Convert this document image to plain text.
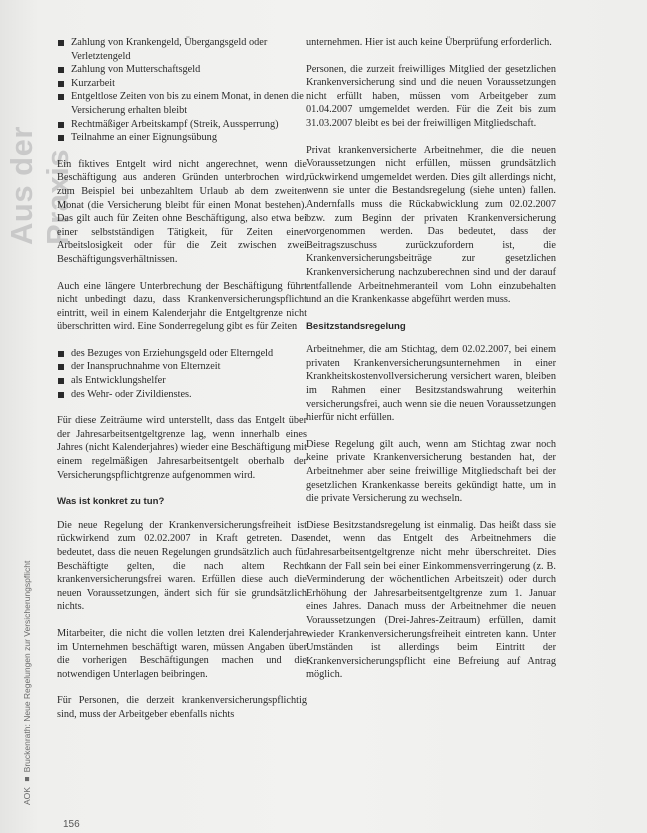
Aus der Praxis
AOK ■ Bruckenrath: Neue Regelungen zur Versicherungspflicht
156
Zahlung von Krankengeld, Übergangsgeld oder Verletztengeld
Zahlung von Mutterschaftsgeld
Kurzarbeit
Entgeltlose Zeiten von bis zu einem Monat, in denen die Versicherung erhalten bleibt
Rechtmäßiger Arbeitskampf (Streik, Aussperrung)
Teilnahme an einer Eignungsübung

Ein fiktives Entgelt wird nicht angerechnet, wenn die Beschäftigung aus anderen Gründen unterbrochen wird, zum Beispiel bei unbezahltem Urlaub ab dem zweiten Monat (die Versicherung bleibt für einen Monat bestehen). Das gilt auch für Zeiten ohne Beschäftigung, also etwa bei einer selbstständigen Tätigkeit, für Zeiten einer Arbeitslosigkeit oder für die Zeit zwischen zwei Beschäftigungsverhältnissen.

Auch eine längere Unterbrechung der Beschäftigung führt nicht unbedingt dazu, dass Krankenversicherungspflicht eintritt, weil in einem Kalenderjahr die Entgeltgrenze nicht überschritten wird. Eine Sonderregelung gibt es für Zeiten

des Bezuges von Erziehungsgeld oder Elterngeld
der Inanspruchnahme von Elternzeit
als Entwicklungshelfer
des Wehr- oder Zivildienstes.

Für diese Zeiträume wird unterstellt, dass das Entgelt über der Jahresarbeitsentgeltgrenze lag, wenn innerhalb eines Jahres (nicht Kalenderjahres) wieder eine Beschäftigung mit einem regelmäßigen Jahresarbeitsentgelt oberhalb der Versicherungspflichtgrenze aufgenommen wird.

Was ist konkret zu tun?

Die neue Regelung der Krankenversicherungsfreiheit ist rückwirkend zum 02.02.2007 in Kraft getreten. Das bedeutet, dass die neuen Regelungen grundsätzlich auch für Beschäftigte gelten, die nach altem Recht krankenversicherungsfrei waren. Erfüllen diese auch die neuen Voraussetzungen, ändert sich für sie grundsätzlich nichts.

Mitarbeiter, die nicht die vollen letzten drei Kalenderjahre im Unternehmen beschäftigt waren, müssen Angaben über die vorherigen Beschäftigungen machen und die notwendigen Unterlagen beibringen.

Für Personen, die derzeit krankenversicherungspflichtig sind, muss der Arbeitgeber ebenfalls nichts

unternehmen. Hier ist auch keine Überprüfung erforderlich.

Personen, die zurzeit freiwilliges Mitglied der gesetzlichen Krankenversicherung sind und die neuen Voraussetzungen nicht erfüllt haben, müssen vom Arbeitgeber zum 01.04.2007 umgemeldet werden. Für die Zeit bis zum 31.03.2007 bleibt es bei der freiwilligen Mitgliedschaft.

Privat krankenversicherte Arbeitnehmer, die die neuen Voraussetzungen nicht erfüllen, müssen grundsätzlich rückwirkend umgemeldet werden. Dies gilt allerdings nicht, wenn sie unter die Bestandsregelung (siehe unten) fallen. Andernfalls muss die Rückabwicklung zum 02.02.2007 bzw. zum Beginn der privaten Krankenversicherung vorgenommen werden. Das bedeutet, dass der Beitragszuschuss zurückzufordern ist, die Krankenversicherungsbeiträge zur gesetzlichen Krankenversicherung nachzuberechnen sind und der darauf entfallende Arbeitnehmeranteil vom Lohn einzubehalten und an die Krankenkasse abgeführt werden muss.

Besitzstandsregelung

Arbeitnehmer, die am Stichtag, dem 02.02.2007, bei einem privaten Krankenversicherungsunternehmen in einer Krankheitskostenvollversicherung versichert waren, bleiben im Rahmen einer Besitzstandswahrung weiterhin versicherungsfrei, auch wenn sie die neuen Voraussetzungen hierfür nicht erfüllen.

Diese Regelung gilt auch, wenn am Stichtag zwar noch keine private Krankenversicherung bestanden hat, der Arbeitnehmer aber seine freiwillige Mitgliedschaft bei der gesetzlichen Krankenkasse bereits gekündigt hatte, um in die private Versicherung zu wechseln.

Diese Besitzstandsregelung ist einmalig. Das heißt dass sie endet, wenn das Entgelt des Arbeitnehmers die Jahresarbeitsentgeltgrenze nicht mehr überschreitet. Dies kann der Fall sein bei einer Einkommensverringerung (z. B. Verminderung der wöchentlichen Arbeitszeit) oder durch Erhöhung der Jahresarbeitsentgeltgrenze zum 1. Januar eines Jahres. Danach muss der Arbeitnehmer die neuen Voraussetzungen (Drei-Jahres-Zeitraum) erfüllen, damit wieder Krankenversicherungsfreiheit eintreten kann. Unter Umständen ist allerdings beim Eintritt der Krankenversicherungspflicht eine Befreiung auf Antrag möglich.
